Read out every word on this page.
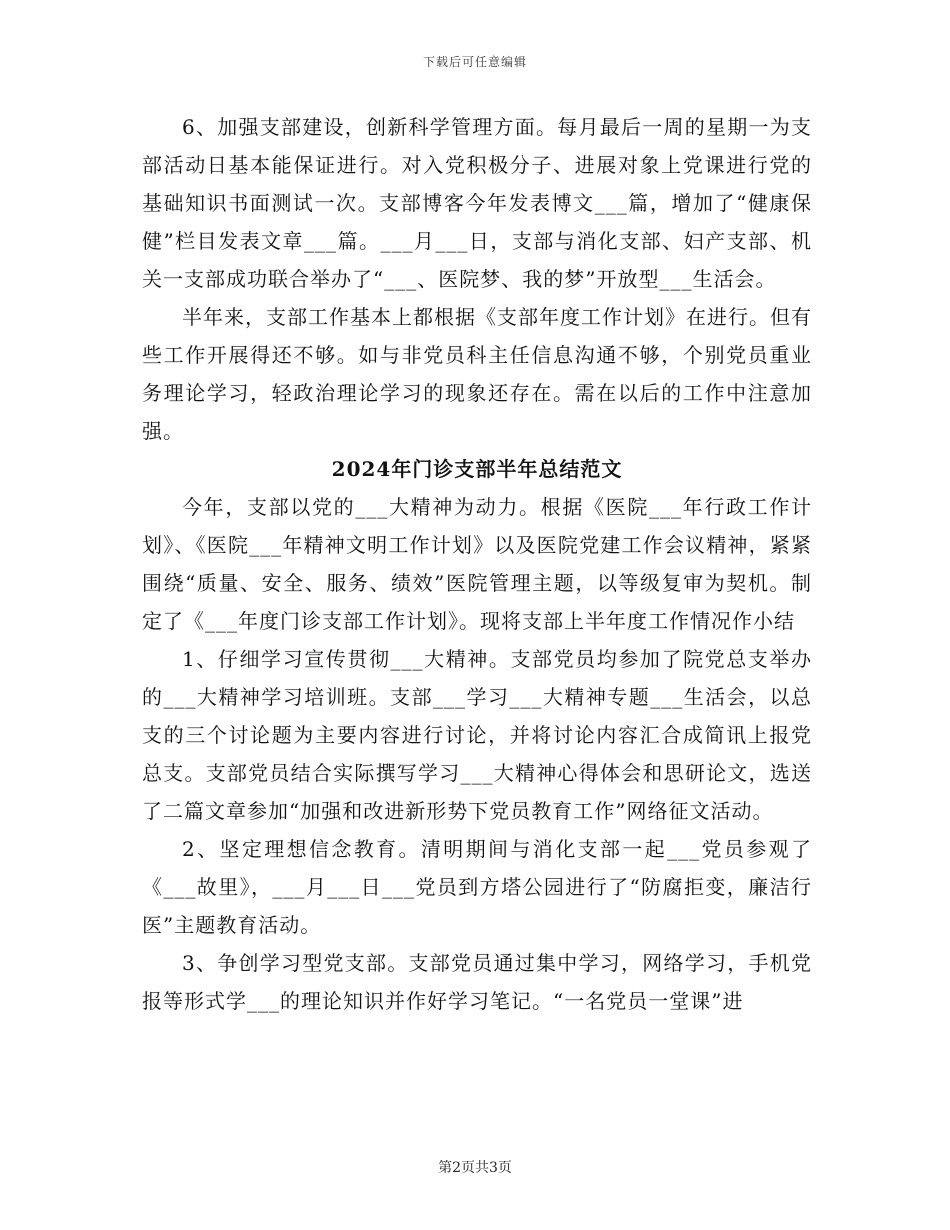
下载后可任意编辑

6、加强支部建设，创新科学管理方面。每月最后一周的星期一为支部活动日基本能保证进行。对入党积极分子、进展对象上党课进行党的基础知识书面测试一次。支部博客今年发表博文___篇，增加了“健康保健”栏目发表文章___篇。___月___日，支部与消化支部、妇产支部、机关一支部成功联合举办了“___、医院梦、我的梦”开放型___生活会。

半年来，支部工作基本上都根据《支部年度工作计划》在进行。但有些工作开展得还不够。如与非党员科主任信息沟通不够，个别党员重业务理论学习，轻政治理论学习的现象还存在。需在以后的工作中注意加强。

2024年门诊支部半年总结范文

今年，支部以党的___大精神为动力。根据《医院___年行政工作计划》、《医院___年精神文明工作计划》以及医院党建工作会议精神，紧紧围绕“质量、安全、服务、绩效”医院管理主题，以等级复审为契机。制定了《___年度门诊支部工作计划》。现将支部上半年度工作情况作小结

1、仔细学习宣传贯彻___大精神。支部党员均参加了院党总支举办的___大精神学习培训班。支部___学习___大精神专题___生活会，以总支的三个讨论题为主要内容进行讨论，并将讨论内容汇合成简讯上报党总支。支部党员结合实际撰写学习___大精神心得体会和思研论文，选送了二篇文章参加“加强和改进新形势下党员教育工作”网络征文活动。

2、坚定理想信念教育。清明期间与消化支部一起___党员参观了《___故里》，___月___日___党员到方塔公园进行了“防腐拒变，廉洁行医”主题教育活动。

3、争创学习型党支部。支部党员通过集中学习，网络学习，手机党报等形式学___的理论知识并作好学习笔记。“一名党员一堂课”进

第2页共3页
